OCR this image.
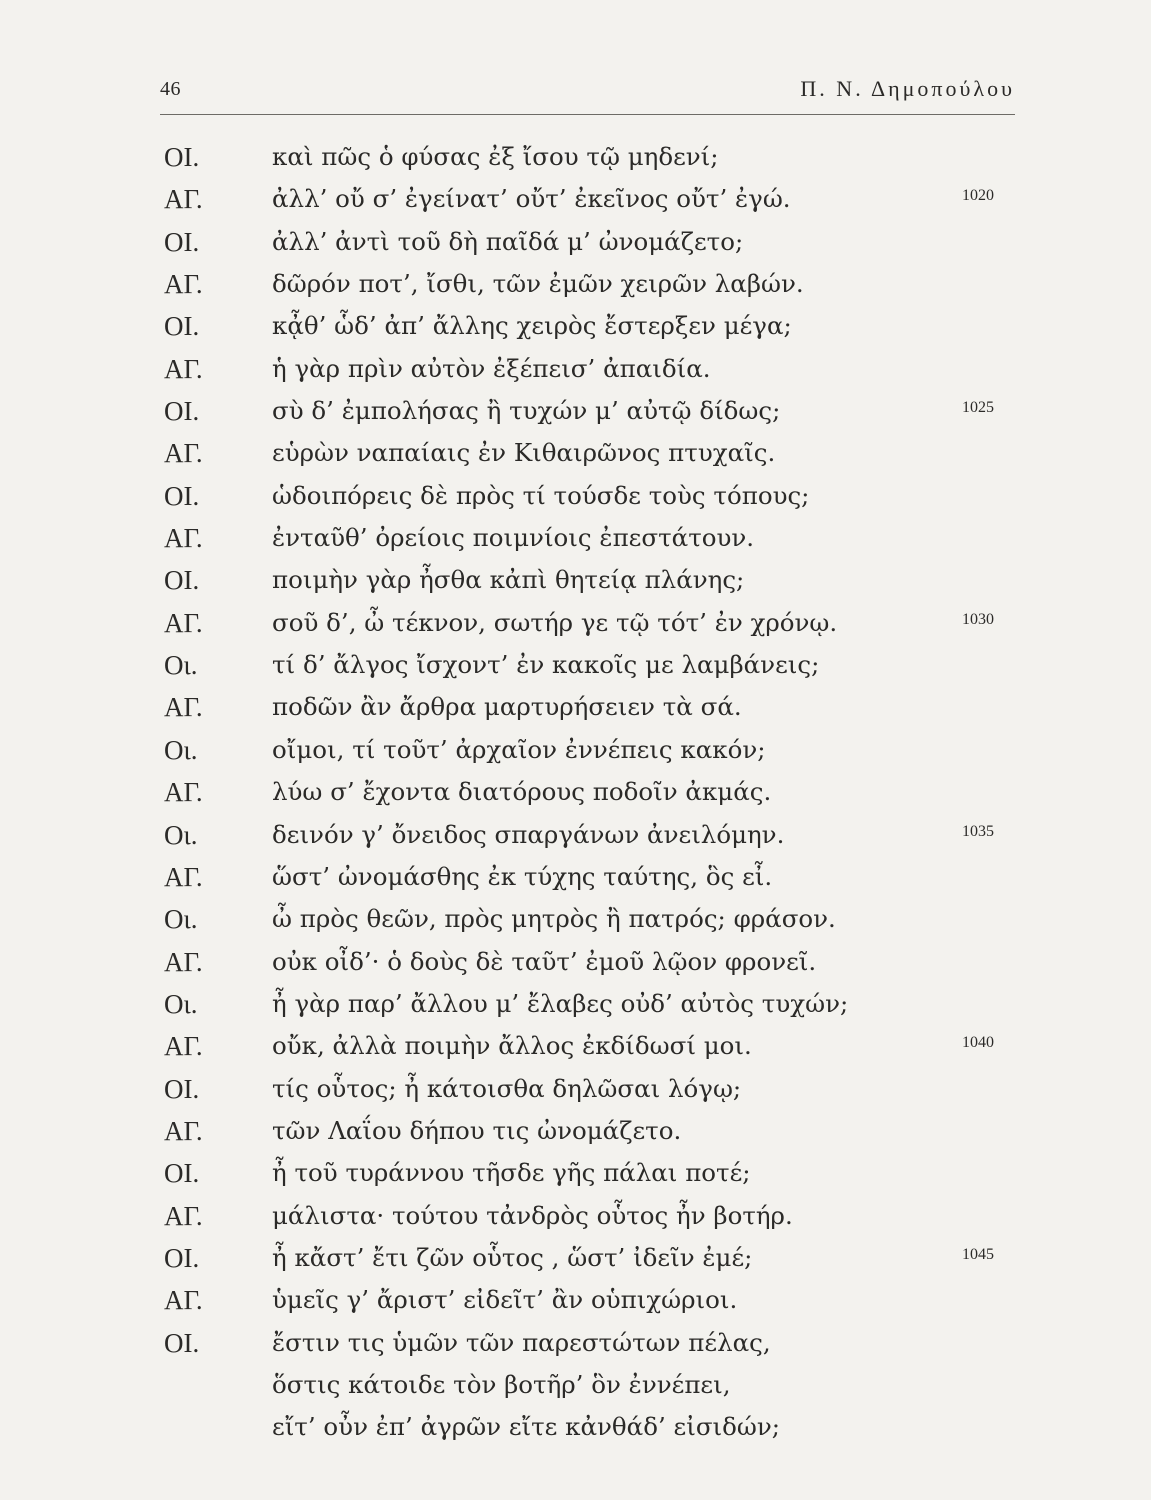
46	Π. Ν. Δημοπούλου
ΟΙ.	καὶ πῶς ὁ φύσας ἐξ ἴσου τῷ μηδενί;
ΑΓ.	ἀλλ’ οὔ σ’ ἐγείνατ’ οὔτ’ ἐκεῖνος οὔτ’ ἐγώ.	1020
ΟΙ.	ἀλλ’ ἀντὶ τοῦ δὴ παῖδά μ’ ὠνομάζετο;
ΑΓ.	δῶρόν ποτ’, ἴσθι, τῶν ἐμῶν χειρῶν λαβών.
ΟΙ.	κᾆθ’ ὧδ’ ἀπ’ ἄλλης χειρὸς ἔστερξεν μέγα;
ΑΓ.	ἡ γὰρ πρὶν αὐτὸν ἐξέπεισ’ ἀπαιδία.
ΟΙ.	σὺ δ’ ἐμπολήσας ἢ τυχών μ’ αὐτῷ δίδως;	1025
ΑΓ.	εὑρὼν ναπαίαις ἐν Κιθαιρῶνος πτυχαῖς.
ΟΙ.	ὡδοιπόρεις δὲ πρὸς τί τούσδε τοὺς τόπους;
ΑΓ.	ἐνταῦθ’ ὀρείοις ποιμνίοις ἐπεστάτουν.
ΟΙ.	ποιμὴν γὰρ ἦσθα κἀπὶ θητείᾳ πλάνης;
ΑΓ.	σοῦ δ’, ὦ τέκνον, σωτήρ γε τῷ τότ’ ἐν χρόνῳ.	1030
Οι.	τί δ’ ἄλγος ἴσχοντ’ ἐν κακοῖς με λαμβάνεις;
ΑΓ.	ποδῶν ἂν ἄρθρα μαρτυρήσειεν τὰ σά.
Οι.	οἴμοι, τί τοῦτ’ ἀρχαῖον ἐννέπεις κακόν;
ΑΓ.	λύω σ’ ἔχοντα διατόρους ποδοῖν ἀκμάς.
Οι.	δεινόν γ’ ὄνειδος σπαργάνων ἀνειλόμην.	1035
ΑΓ.	ὥστ’ ὠνομάσθης ἐκ τύχης ταύτης, ὃς εἶ.
Οι.	ὦ πρὸς θεῶν, πρὸς μητρὸς ἢ πατρός; φράσον.
ΑΓ.	οὐκ οἶδ’· ὁ δοὺς δὲ ταῦτ’ ἐμοῦ λῷον φρονεῖ.
Οι.	ἦ γὰρ παρ’ ἄλλου μ’ ἔλαβες οὐδ’ αὐτὸς τυχών;
ΑΓ.	οὔκ, ἀλλὰ ποιμὴν ἄλλος ἐκδίδωσί μοι.	1040
ΟΙ.	τίς οὗτος; ἦ κάτοισθα δηλῶσαι λόγῳ;
ΑΓ.	τῶν Λαΐου δήπου τις ὠνομάζετο.
ΟΙ.	ἦ τοῦ τυράννου τῆσδε γῆς πάλαι ποτέ;
ΑΓ.	μάλιστα· τούτου τἀνδρὸς οὗτος ἦν βοτήρ.
ΟΙ.	ἦ κἄστ’ ἔτι ζῶν οὗτος , ὥστ’ ἰδεῖν ἐμέ;	1045
ΑΓ.	ὑμεῖς γ’ ἄριστ’ εἰδεῖτ’ ἂν οὑπιχώριοι.
ΟΙ.	ἔστιν τις ὑμῶν τῶν παρεστώτων πέλας,
ὅστις κάτοιδε τὸν βοτῆρ’ ὃν ἐννέπει,
εἴτ’ οὖν ἐπ’ ἀγρῶν εἴτε κἀνθάδ’ εἰσιδών;
